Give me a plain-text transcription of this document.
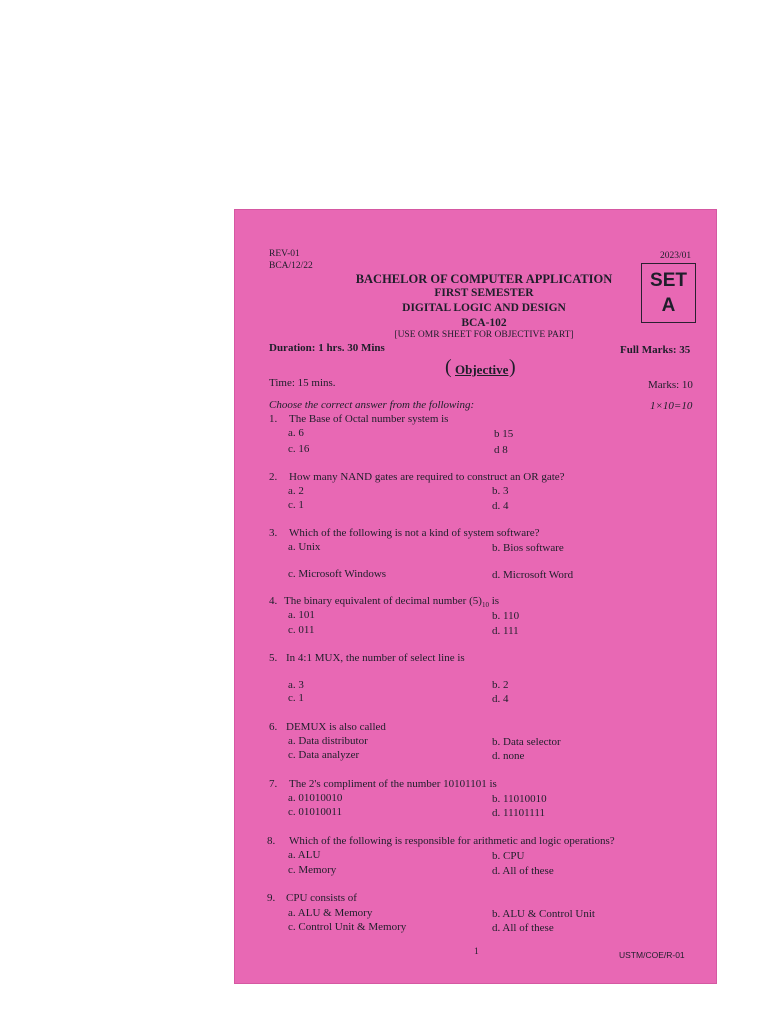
REV-01
BCA/12/22
2023/01
BACHELOR OF COMPUTER APPLICATION
FIRST SEMESTER
DIGITAL LOGIC AND DESIGN
BCA-102
[USE OMR SHEET FOR OBJECTIVE PART]
SET
A
Duration: 1 hrs. 30 Mins	Full Marks: 35
( Objective )
Time: 15 mins.	Marks: 10
Choose the correct answer from the following:	1×10=10
1. The Base of Octal number system is
a. 6	b 15
c. 16	d 8
2. How many NAND gates are required to construct an OR gate?
a. 2	b. 3
c. 1	d. 4
3. Which of the following is not a kind of system software?
a. Unix	b. Bios software
c. Microsoft Windows	d. Microsoft Word
4. The binary equivalent of decimal number $(5)_{10}$ is
a. 101	b. 110
c. 011	d. 111
5. In 4:1 MUX, the number of select line is
a. 3	b. 2
c. 1	d. 4
6. DEMUX is also called
a. Data distributor	b. Data selector
c. Data analyzer	d. none
7. The 2's compliment of the number 10101101 is
a. 01010010	b. 11010010
c. 01010011	d. 11101111
8. Which of the following is responsible for arithmetic and logic operations?
a. ALU	b. CPU
c. Memory	d. All of these
9. CPU consists of
a. ALU & Memory	b. ALU & Control Unit
c. Control Unit & Memory	d. All of these
1	USTM/COE/R-01
